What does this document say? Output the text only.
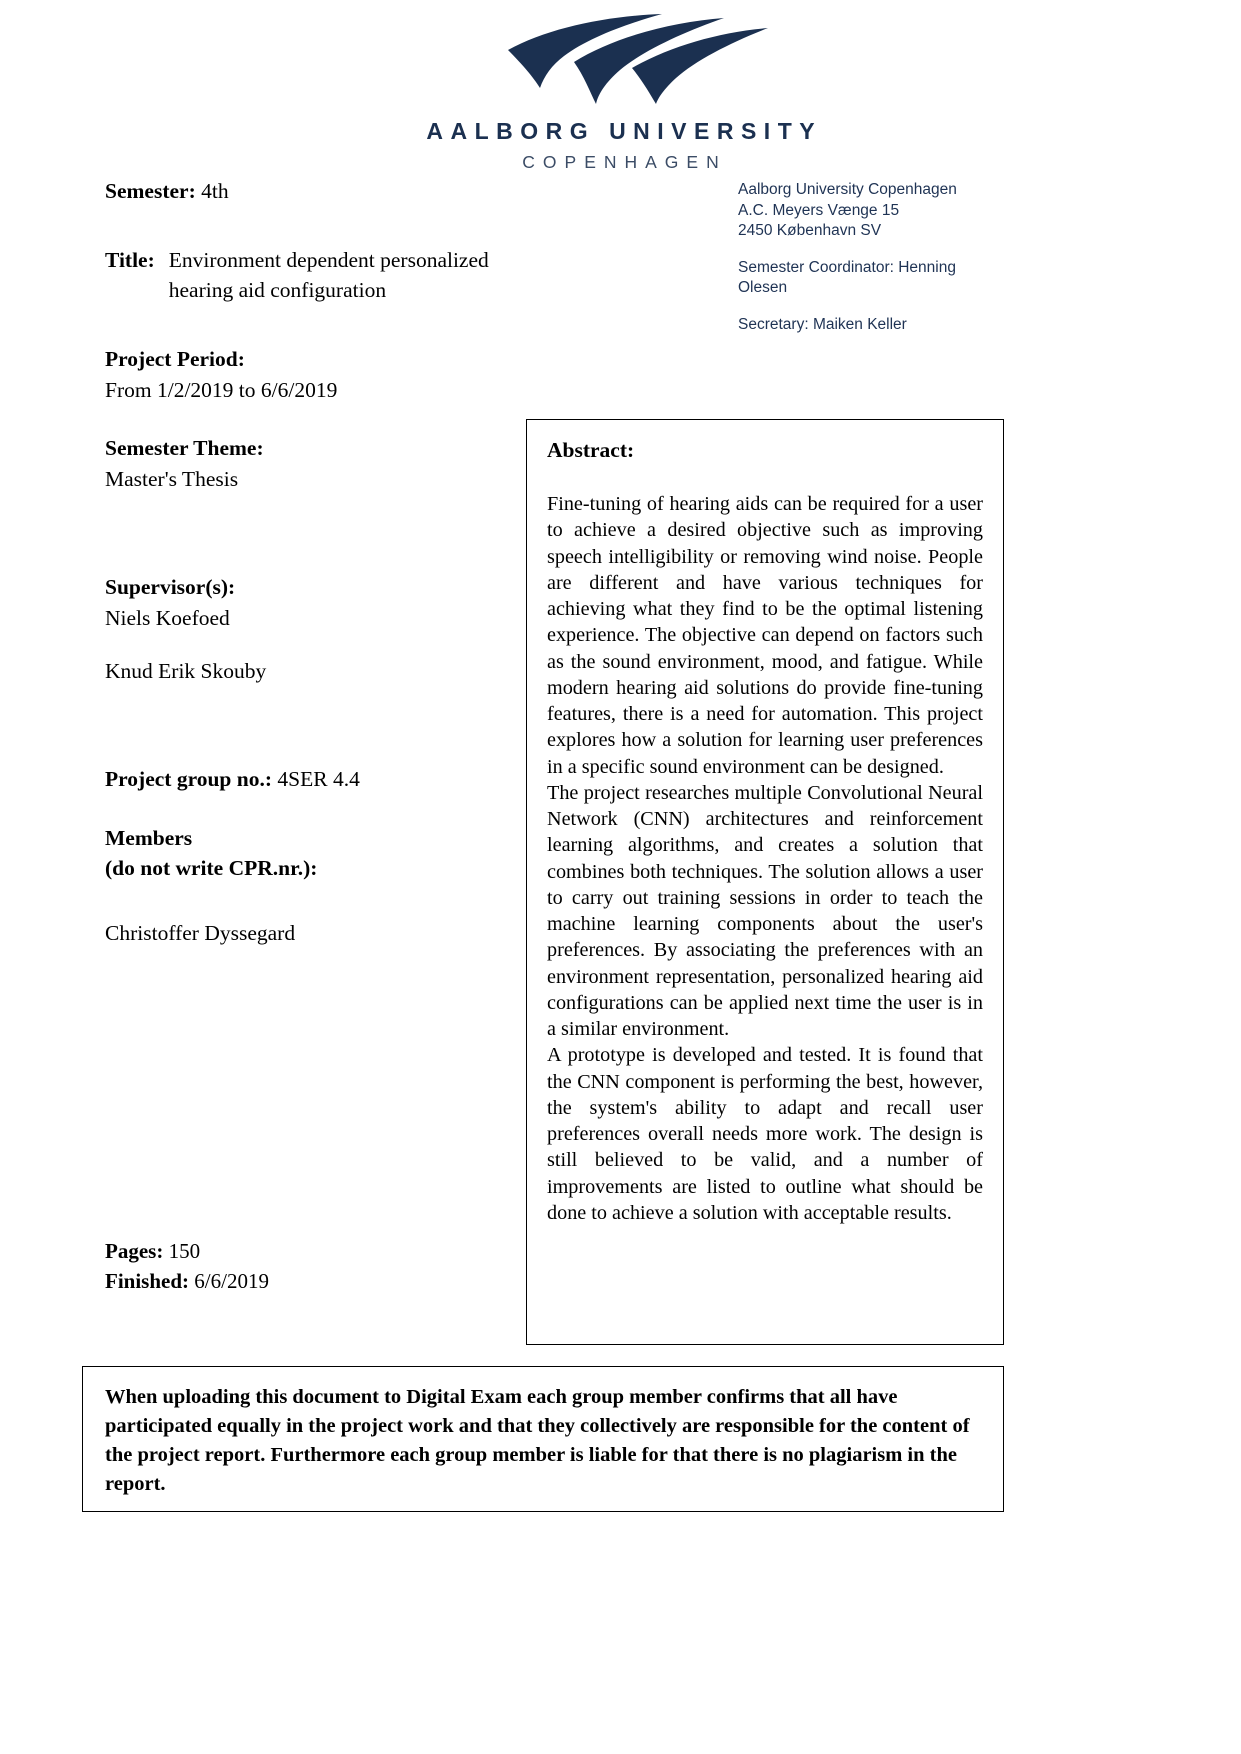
AALBORG UNIVERSITY
COPENHAGEN
Aalborg University Copenhagen
A.C. Meyers Vænge 15
2450 København SV
Semester Coordinator: Henning
Olesen
Secretary: Maiken Keller
Semester: 4th
Title: Environment dependent personalized
hearing aid configuration
Project Period:
From 1/2/2019 to 6/6/2019
Semester Theme:
Master's Thesis
Supervisor(s):
Niels Koefoed
Knud Erik Skouby
Project group no.: 4SER 4.4
Members
(do not write CPR.nr.):
Christoffer Dyssegard
Pages: 150
Finished: 6/6/2019
Abstract:

Fine-tuning of hearing aids can be required for a user to achieve a desired objective such as improving speech intelligibility or removing wind noise. People are different and have various techniques for achieving what they find to be the optimal listening experience. The objective can depend on factors such as the sound environment, mood, and fatigue. While modern hearing aid solutions do provide fine-tuning features, there is a need for automation. This project explores how a solution for learning user preferences in a specific sound environment can be designed.

The project researches multiple Convolutional Neural Network (CNN) architectures and reinforcement learning algorithms, and creates a solution that combines both techniques. The solution allows a user to carry out training sessions in order to teach the machine learning components about the user's preferences. By associating the preferences with an environment representation, personalized hearing aid configurations can be applied next time the user is in a similar environment.

A prototype is developed and tested. It is found that the CNN component is performing the best, however, the system's ability to adapt and recall user preferences overall needs more work. The design is still believed to be valid, and a number of improvements are listed to outline what should be done to achieve a solution with acceptable results.

When uploading this document to Digital Exam each group member confirms that all have participated equally in the project work and that they collectively are responsible for the content of the project report. Furthermore each group member is liable for that there is no plagiarism in the report.
